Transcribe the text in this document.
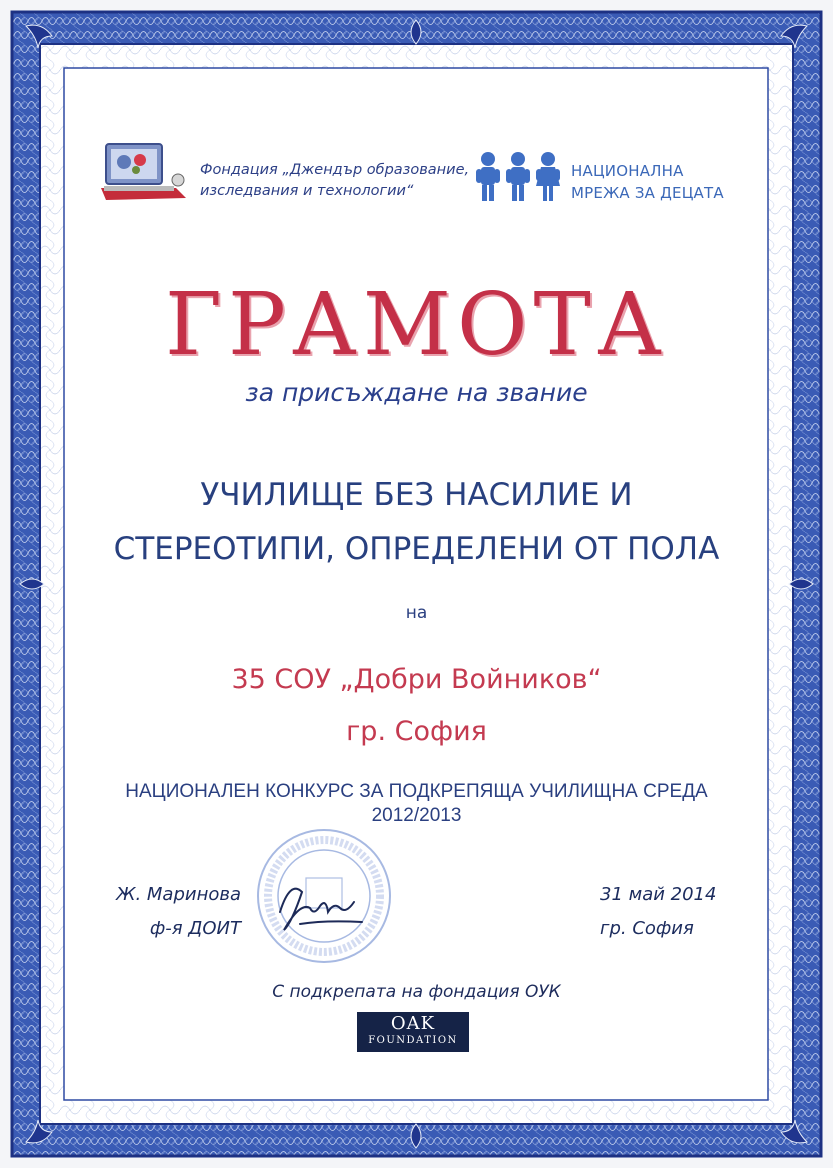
Фондация „Джендър образование,
изследвания и технологии“
НАЦИОНАЛНА
МРЕЖА ЗА ДЕЦАТА
ГРАМОТА
за присъждане на звание
УЧИЛИЩЕ БЕЗ НАСИЛИЕ И
СТЕРЕОТИПИ, ОПРЕДЕЛЕНИ ОТ ПОЛА
на
35 СОУ „Добри Войников“
гр. София
НАЦИОНАЛЕН КОНКУРС ЗА ПОДКРЕПЯЩА УЧИЛИЩНА СРЕДА
2012/2013
Ж. Маринова
ф-я ДОИТ
31 май 2014
гр. София
С подкрепата на фондация ОУК
OAK
FOUNDATION
